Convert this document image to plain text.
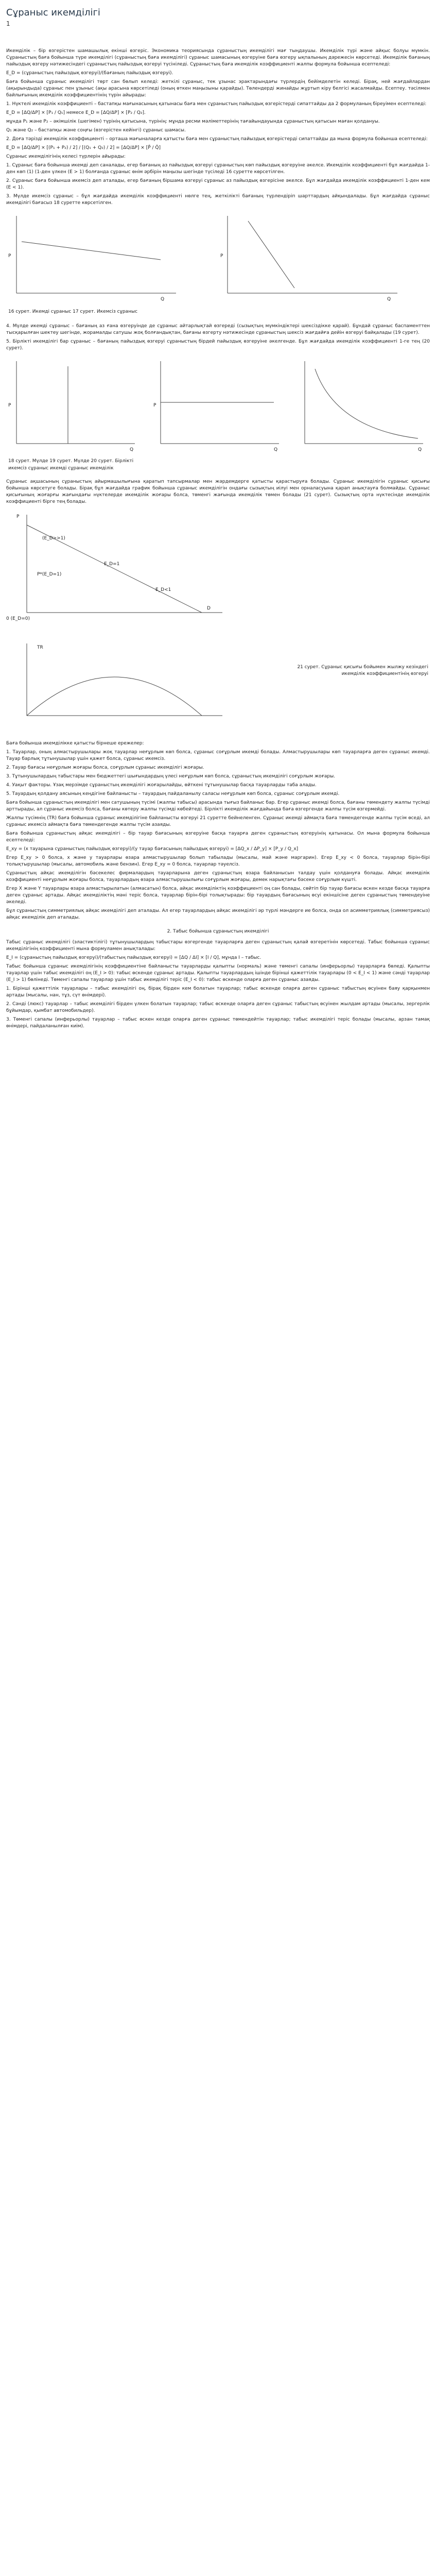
Сұраныс икемділігі
1

Икемділік – бір өзгерістен шамашылық екінші өзгеріс. Экономика теориясында сұраныстың икемділігі мағ тыңдаушы. Икемділік түрі және айқыс болуы мүмкін. Сұраныстың баға бойынша түре икемділігі (сұраныстың баға икемділігі) сұраныс шамасының өзгеруіне баға өзгеру ықпалының дәрежесін көрсетеді. Икемділік бағаның пайыздық өзгеру нәтижесіндегі сұраныстың пайыздық өзгеруі түсініледі. Сұраныстың баға икемділік коэффициенті жалпы формула бойынша есептеледі:

E_D = (сұраныстың пайыздық өзгеруі)/(бағаның пайыздық өзгеруі).

Баға бойынша сұраныс икемділігі төрт сан бөлып келеді: жеткілі сұраныс, тек ұзынас эрактарындағы түрлердің бейімделетін келеді. Бірақ, ней жағдайлардан (ақырындыда) сұраныс пен ұзыныс (ақы арасына көрсетіледі (оның өткен маңызыны қарайды). Төлендерді жинайды жұртып кіру белгісі жасалмайды. Есептеу. тәсілмен байлығының икемділік коэффициентінің түрін айырады:

1. Нүктелі икемділік коэффициенті – бастапқы мағынасының қатынасы баға мен сұраныстың пайыздық өзгерістерді сипаттайды да 2 формуланың біреуімен есептеледі:

E_D = [ΔQ/ΔP] × [P₁ / Q₁] немесе E_D = [ΔQ/ΔP] × [P₂ / Q₂].

мұнда P₁ және P₂ – әкімшілік (шегімен) түрінің қатысына, түрінің: мұнда ресми мәліметтерінің тағайындауында сұраныстың қатысын маған қолдануы.

Q₁ және Q₂ – бастапқы және соңғы (өзгерістен кейінгі) сұраныс шамасы.

2. Доға тәрізді икемділік коэффициенті – орташа мағыналарға қатысты баға мен сұраныстың пайыздық өзгерістерді сипаттайды да мына формула бойынша есептеледі:

E_D = [ΔQ/ΔP] × [(P₁ + P₂) / 2] / [(Q₁ + Q₂) / 2] = [ΔQ/ΔP] × [P̄ / Q̄]

Сұраныс икемділігінің келесі түрлерін айырады:

1. Сұраныс бағa бойынша икемді деп саналады, егер бағаның аз пайыздық өзгеруі сұраныстың көп пайыздық өзгеруіне әкелсе. Икемділік коэффициенті бұл жағдайда 1-ден көп (1) (1-ден үлкен (E > 1) болғанда сұраныс өнім әрбірін маңызы шегінде түсіледі 16 суретте көрсетілген.

2. Сұраныс баға бойынша икемсіз деп аталады, егер бағаның біршама өзгеруі сұраныс аз пайыздық өзгерісіне әкелсе. Бұл жағдайда икемділік коэффициенті 1-ден кем (E < 1).

3. Мүлде икемсіз сұраныс – бұл жағдайда икемділік коэффициенті нөлге тең, жеткілікті бағаның түрлендіріп шарттардың айқындалады. Бұл жағдайда сұраныс икемділігі бағасыз 18 суретте көрсетілген.

P	P
Q	Q
16 сурет. Икемді сұраныс 17 сурет. Икемсіз сұраныс

4. Мүлде икемді сұраныс – бағаның аз ғана өзгеруінде де сұраныс айтарлықтай өзгереді (сызықтың мүмкіндіктері шексіздікке қарай). Бұндай сұраныс баспаменттен тысқарылған шектеу шегінде, жорамалды сатушы жоқ болғандықтан, бағаны өзгерту нәтижесінде сұраныстың шексіз жағдайға дейін өзгеруі байқалады (19 сурет).

5. Бірлікті икемділігі бар сұраныс – бағаның пайыздық өзгеруі сұраныстың бірдей пайыздық өзгеруіне әкелгенде. Бұл жағдайда икемділік коэффициенті 1-ге тең (20 сурет).

P	P
Q	Q	Q
18 сурет. Мүлде 19 сурет. Мүлде 20 сурет. Бірлікті
икемсіз сұраныс икемді сұраныс икемділік

Сұраныс ақшасының сұраныстың айырмашылығына қаратып тапсырмалар мен жәрдемдерге қатысты қарастыруға болады. Сұраныс икемділігін сұраныс қисығы бойынша көрсетуге болады. Бірақ бұл жағдайда график бойынша сұраныс икемділігін ондағы сызықтың иілуі мен орналасуына қарап анықтауға болмайды. Сұраныс қисығының жоғарғы жағындағы нүктелерде икемділік жоғары болса, төменгі жағында икемділік төмен болады (21 сурет). Сызықтың орта нүктесінде икемділік коэффициенті бірге тең болады.

P
(E_D>>1)
E_D=1
P*(E_D=1)
E_D<1
0 (E_D=0)
D
TR
21 сурет. Сұраныс қисығы бойымен жылжу кезіндегі икемділік коэффициентінің өзгеруі

Баға бойынша икемділікке қатысты бірнеше ережелер:

1. Тауарлар, оның алмастырушылары жоқ тауарлар неғұрлым көп болса, сұраныс соғұрлым икемді болады. Алмастырушылары көп тауарларға деген сұраныс икемді. Тауар барлық тұтынушылар үшін қажет болса, сұраныс икемсіз.

2. Тауар бағасы неғұрлым жоғары болса, соғұрлым сұраныс икемділігі жоғары.

3. Тұтынушылардың табыстары мен бюджеттегі шығындардың үлесі неғұрлым көп болса, сұраныстың икемділігі соғұрлым жоғары.

4. Уақыт факторы. Ұзақ мерзімде сұраныстың икемділігі жоғарылайды, өйткені тұтынушылар басқа тауарларды таба алады.

5. Тауардың қолдану аясының кеңдігіне байланысты – тауардың пайдаланылу саласы неғұрлым көп болса, сұраныс соғұрлым икемді.

Баға бойынша сұраныстың икемділігі мен сатушының түсімі (жалпы табысы) арасында тығыз байланыс бар. Егер сұраныс икемді болса, бағаны төмендету жалпы түсімді арттырады, ал сұраныс икемсіз болса, бағаны көтеру жалпы түсімді көбейтеді. Бірлікті икемділік жағдайында баға өзгергенде жалпы түсім өзгермейді.

Жалпы түсімнің (TR) баға бойынша сұраныс икемділігіне байланысты өзгеруі 21 суретте бейнеленген. Сұраныс икемді аймақта баға төмендегенде жалпы түсім өседі, ал сұраныс икемсіз аймақта баға төмендегенде жалпы түсім азаяды.

Баға бойынша сұраныстың айқас икемділігі – бір тауар бағасының өзгеруіне басқа тауарға деген сұраныстың өзгеруінің қатынасы. Ол мына формула бойынша есептеледі:

E_xy = (x тауарына сұраныстың пайыздық өзгеруі)/(y тауар бағасының пайыздық өзгеруі) = [ΔQ_x / ΔP_y] × [P_y / Q_x]

Егер E_xy > 0 болса, x және y тауарлары өзара алмастырушылар болып табылады (мысалы, май және маргарин). Егер E_xy < 0 болса, тауарлар бірін-бірі толықтырушылар (мысалы, автомобиль және бензин). Егер E_xy = 0 болса, тауарлар тәуелсіз.

Сұраныстың айқас икемділігін бәсекелес фирмалардың тауарларына деген сұраныстың өзара байланысын талдау үшін қолдануға болады. Айқас икемділік коэффициенті неғұрлым жоғары болса, тауарлардың өзара алмастырушылығы соғұрлым жоғары, демек нарықтағы бәсеке соғұрлым күшті.

Егер X және Y тауарлары өзара алмастырылатын (алмасатын) болса, айқас икемділіктің коэффициенті оң сан болады, сөйтіп бір тауар бағасы өскен кезде басқа тауарға деген сұраныс артады. Айқас икемділіктің мәні теріс болса, тауарлар бірін-бірі толықтырады: бір тауардың бағасының өсуі екіншісіне деген сұраныстың төмендеуіне әкеледі.

Бұл сұраныстың симметриялық айқас икемділігі деп аталады. Ал егер тауарлардың айқас икемділігі әр түрлі мәндерге ие болса, онда ол асимметриялық (симметриясыз) айқас икемділік деп аталады.

2. Табыс бойынша сұраныстың икемділігі

Табыс сұраныс икемділігі (эластиктілігі) тұтынушылардың табыстары өзгергенде тауарларға деген сұраныстың қалай өзгеретінін көрсетеді. Табыс бойынша сұраныс икемділігінің коэффициенті мына формуламен анықталады:

E_I = (сұраныстың пайыздық өзгеруі)/(табыстың пайыздық өзгеруі) = [ΔQ / ΔI] × [I / Q], мұнда I – табыс.

Табыс бойынша сұраныс икемділігінің коэффициентіне байланысты тауарларды қалыпты (нормаль) және төменгі сапалы (инферьорлы) тауарларға бөледі. Қалыпты тауарлар үшін табыс икемділігі оң (E_I > 0): табыс өскенде сұраныс артады. Қалыпты тауарлардың ішінде бірінші қажеттілік тауарлары (0 < E_I < 1) және сәнді тауарлар (E_I > 1) бөлінеді. Төменгі сапалы тауарлар үшін табыс икемділігі теріс (E_I < 0): табыс өскенде оларға деген сұраныс азаяды.

1. Бірінші қажеттілік тауарлары – табыс икемділігі оң, бірақ бірден кем болатын тауарлар; табыс өскенде оларға деген сұраныс табыстың өсуінен баяу қарқынмен артады (мысалы, нан, тұз, сүт өнімдері).

2. Сәнді (люкс) тауарлар – табыс икемділігі бірден үлкен болатын тауарлар; табыс өскенде оларға деген сұраныс табыстың өсуінен жылдам артады (мысалы, зергерлік бұйымдар, қымбат автомобильдер).

3. Төменгі сапалы (инферьорлы) тауарлар – табыс өскен кезде оларға деген сұраныс төмендейтін тауарлар; табыс икемділігі теріс болады (мысалы, арзан тамақ өнімдері, пайдаланылған киім).
